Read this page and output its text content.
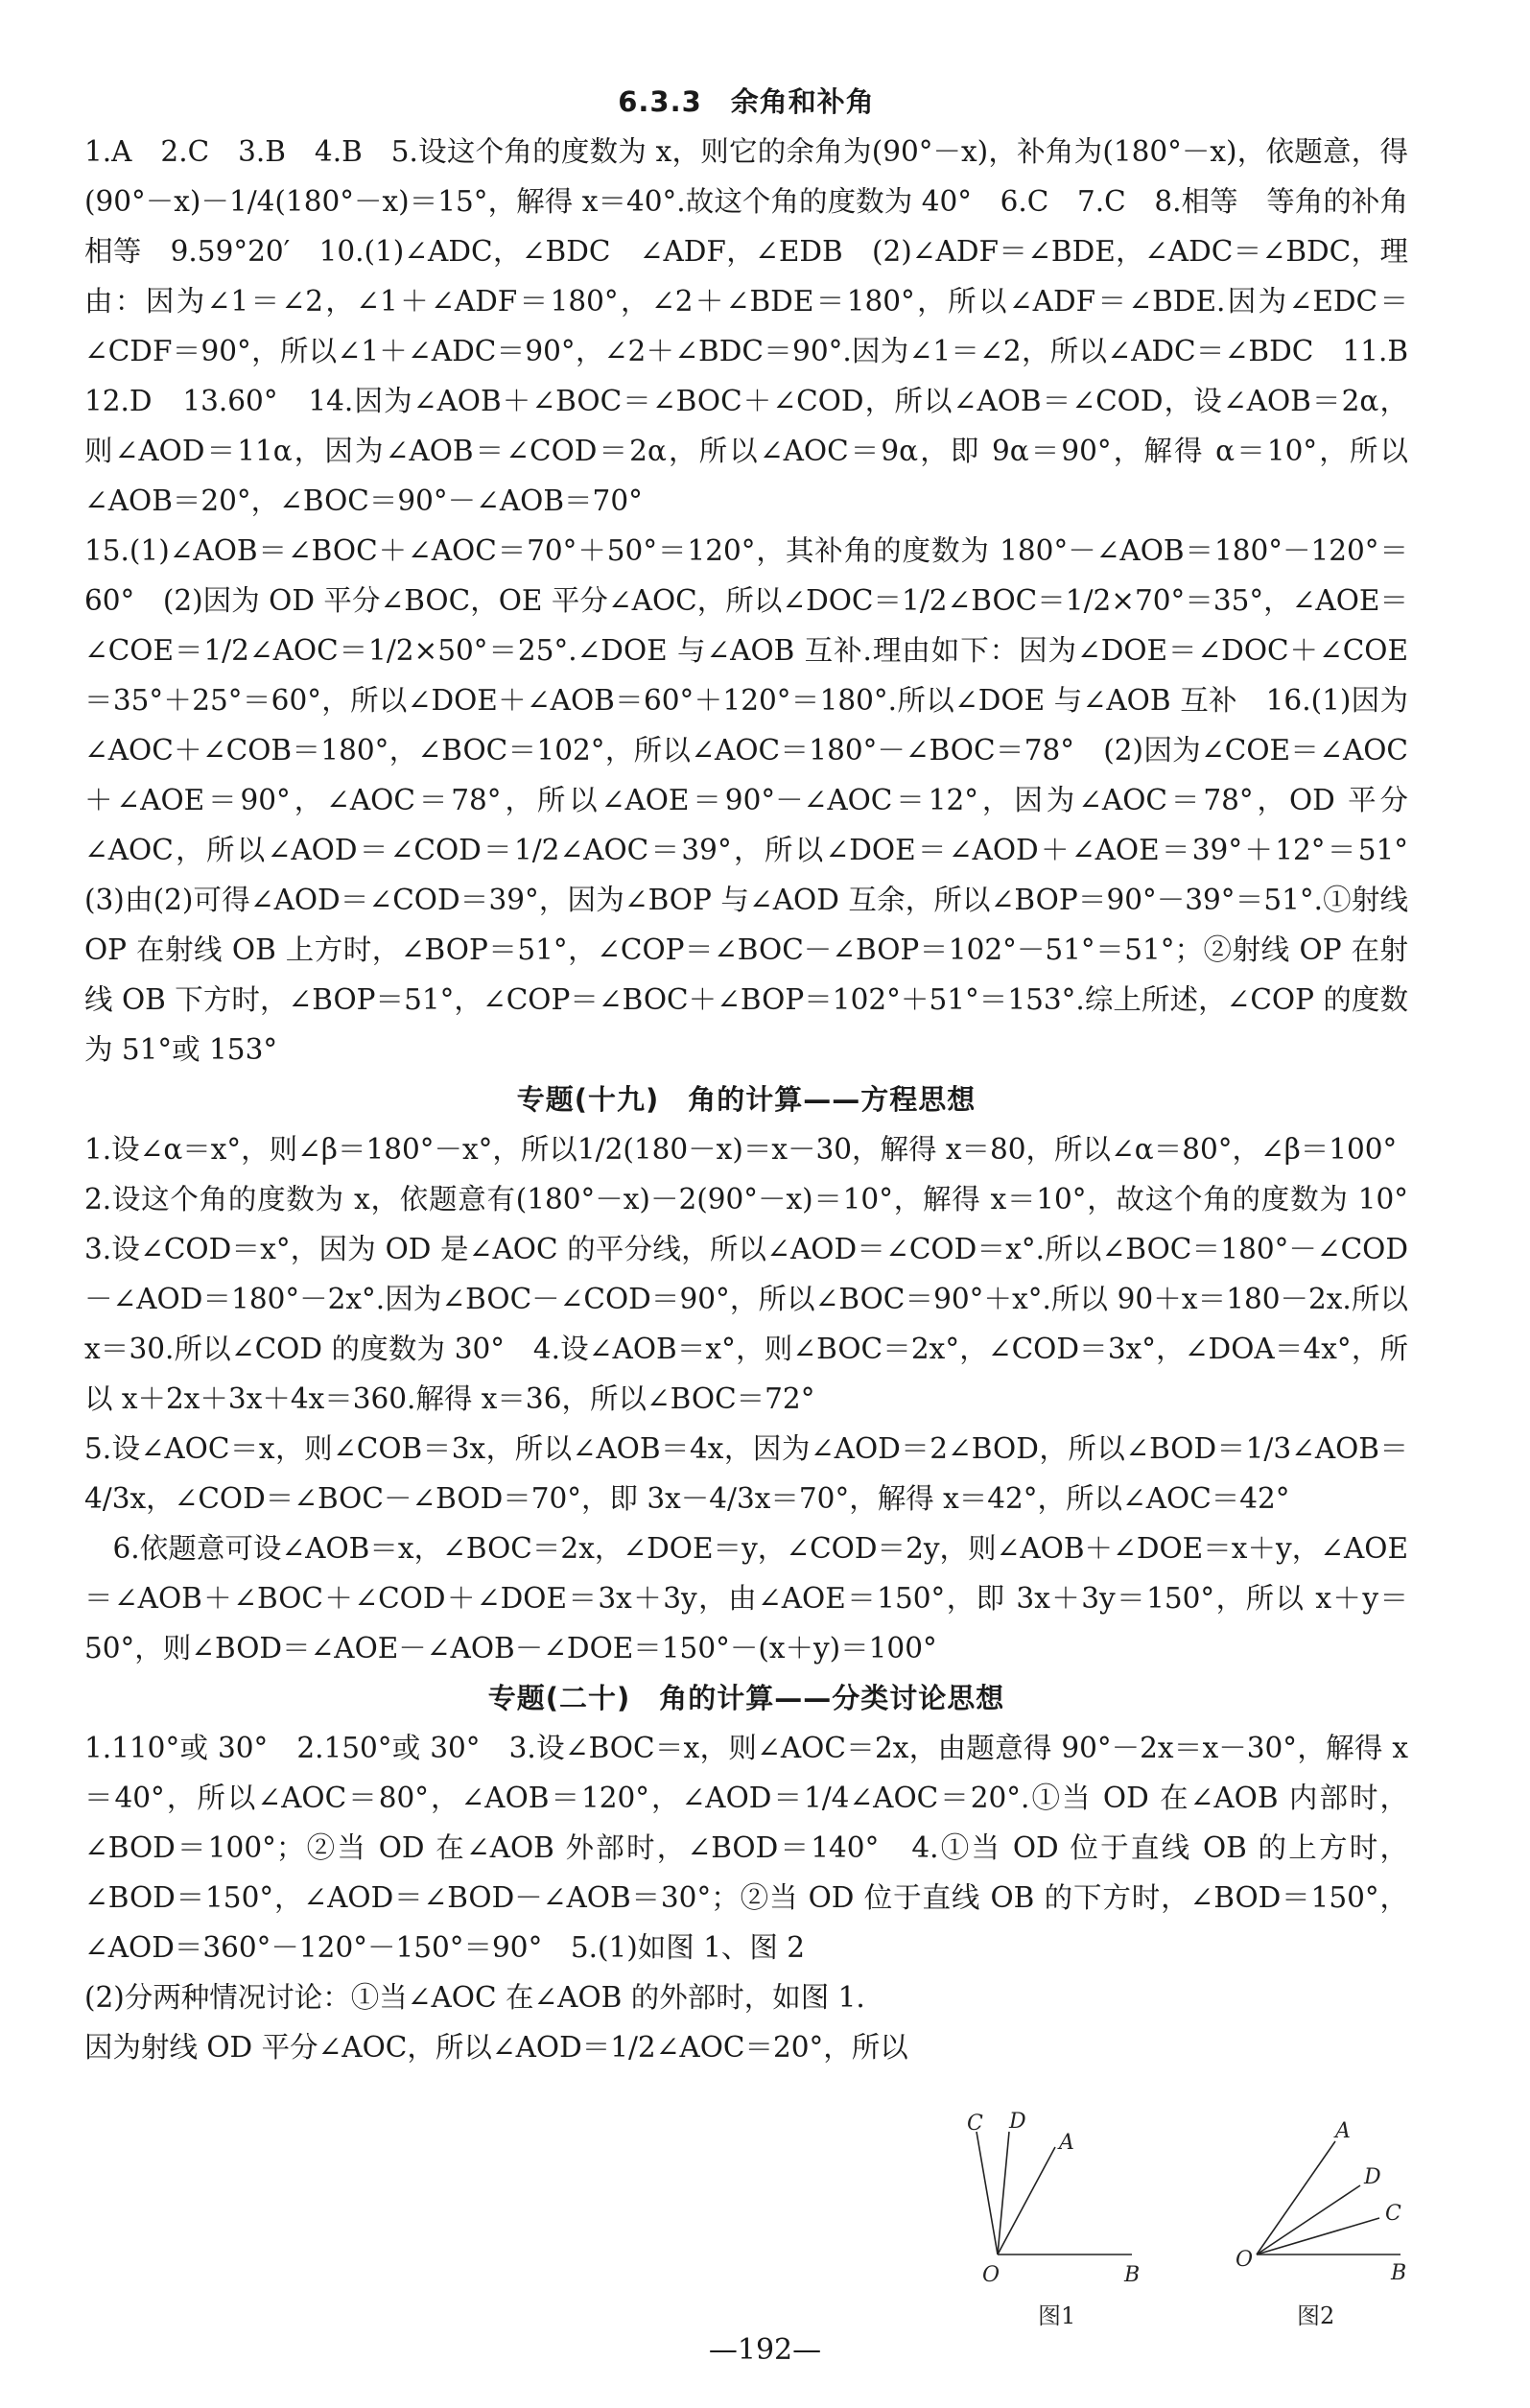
6.3.3　余角和补角

1.A　2.C　3.B　4.B　5.设这个角的度数为 x，则它的余角为(90°－x)，补角为(180°－x)，依题意，得(90°－x)－1/4(180°－x)＝15°，解得 x＝40°.故这个角的度数为 40°　6.C　7.C　8.相等　等角的补角相等　9.59°20′　10.(1)∠ADC，∠BDC　∠ADF，∠EDB　(2)∠ADF＝∠BDE，∠ADC＝∠BDC，理由：因为∠1＝∠2，∠1＋∠ADF＝180°，∠2＋∠BDE＝180°，所以∠ADF＝∠BDE.因为∠EDC＝∠CDF＝90°，所以∠1＋∠ADC＝90°，∠2＋∠BDC＝90°.因为∠1＝∠2，所以∠ADC＝∠BDC　11.B　12.D　13.60°　14.因为∠AOB＋∠BOC＝∠BOC＋∠COD，所以∠AOB＝∠COD，设∠AOB＝2α，则∠AOD＝11α，因为∠AOB＝∠COD＝2α，所以∠AOC＝9α，即 9α＝90°，解得 α＝10°，所以∠AOB＝20°，∠BOC＝90°－∠AOB＝70°

15.(1)∠AOB＝∠BOC＋∠AOC＝70°＋50°＝120°，其补角的度数为 180°－∠AOB＝180°－120°＝60°　(2)因为 OD 平分∠BOC，OE 平分∠AOC，所以∠DOC＝1/2∠BOC＝1/2×70°＝35°，∠AOE＝∠COE＝1/2∠AOC＝1/2×50°＝25°.∠DOE 与∠AOB 互补.理由如下：因为∠DOE＝∠DOC＋∠COE＝35°＋25°＝60°，所以∠DOE＋∠AOB＝60°＋120°＝180°.所以∠DOE 与∠AOB 互补　16.(1)因为∠AOC＋∠COB＝180°，∠BOC＝102°，所以∠AOC＝180°－∠BOC＝78°　(2)因为∠COE＝∠AOC＋∠AOE＝90°，∠AOC＝78°，所以∠AOE＝90°－∠AOC＝12°，因为∠AOC＝78°，OD 平分∠AOC，所以∠AOD＝∠COD＝1/2∠AOC＝39°，所以∠DOE＝∠AOD＋∠AOE＝39°＋12°＝51°　(3)由(2)可得∠AOD＝∠COD＝39°，因为∠BOP 与∠AOD 互余，所以∠BOP＝90°－39°＝51°.①射线 OP 在射线 OB 上方时，∠BOP＝51°，∠COP＝∠BOC－∠BOP＝102°－51°＝51°；②射线 OP 在射线 OB 下方时，∠BOP＝51°，∠COP＝∠BOC＋∠BOP＝102°＋51°＝153°.综上所述，∠COP 的度数为 51°或 153°

专题(十九)　角的计算——方程思想

1.设∠α＝x°，则∠β＝180°－x°，所以1/2(180－x)＝x－30，解得 x＝80，所以∠α＝80°，∠β＝100°

2.设这个角的度数为 x，依题意有(180°－x)－2(90°－x)＝10°，解得 x＝10°，故这个角的度数为 10°　3.设∠COD＝x°，因为 OD 是∠AOC 的平分线，所以∠AOD＝∠COD＝x°.所以∠BOC＝180°－∠COD－∠AOD＝180°－2x°.因为∠BOC－∠COD＝90°，所以∠BOC＝90°＋x°.所以 90＋x＝180－2x.所以 x＝30.所以∠COD 的度数为 30°　4.设∠AOB＝x°，则∠BOC＝2x°，∠COD＝3x°，∠DOA＝4x°，所以 x＋2x＋3x＋4x＝360.解得 x＝36，所以∠BOC＝72°

5.设∠AOC＝x，则∠COB＝3x，所以∠AOB＝4x，因为∠AOD＝2∠BOD，所以∠BOD＝1/3∠AOB＝4/3x，∠COD＝∠BOC－∠BOD＝70°，即 3x－4/3x＝70°，解得 x＝42°，所以∠AOC＝42°

　6.依题意可设∠AOB＝x，∠BOC＝2x，∠DOE＝y，∠COD＝2y，则∠AOB＋∠DOE＝x＋y，∠AOE＝∠AOB＋∠BOC＋∠COD＋∠DOE＝3x＋3y，由∠AOE＝150°，即 3x＋3y＝150°，所以 x＋y＝50°，则∠BOD＝∠AOE－∠AOB－∠DOE＝150°－(x＋y)＝100°

专题(二十)　角的计算——分类讨论思想

1.110°或 30°　2.150°或 30°　3.设∠BOC＝x，则∠AOC＝2x，由题意得 90°－2x＝x－30°，解得 x＝40°，所以∠AOC＝80°，∠AOB＝120°，∠AOD＝1/4∠AOC＝20°.①当 OD 在∠AOB 内部时，∠BOD＝100°；②当 OD 在∠AOB 外部时，∠BOD＝140°　4.①当 OD 位于直线 OB 的上方时，∠BOD＝150°，∠AOD＝∠BOD－∠AOB＝30°；②当 OD 位于直线 OB 的下方时，∠BOD＝150°，∠AOD＝360°－120°－150°＝90°　5.(1)如图 1、图 2

(2)分两种情况讨论：①当∠AOC 在∠AOB 的外部时，如图 1.

因为射线 OD 平分∠AOC，所以∠AOD＝1/2∠AOC＝20°，所以

C D
A
O	B
图1
A
D
C
O
B
图2
—192—
